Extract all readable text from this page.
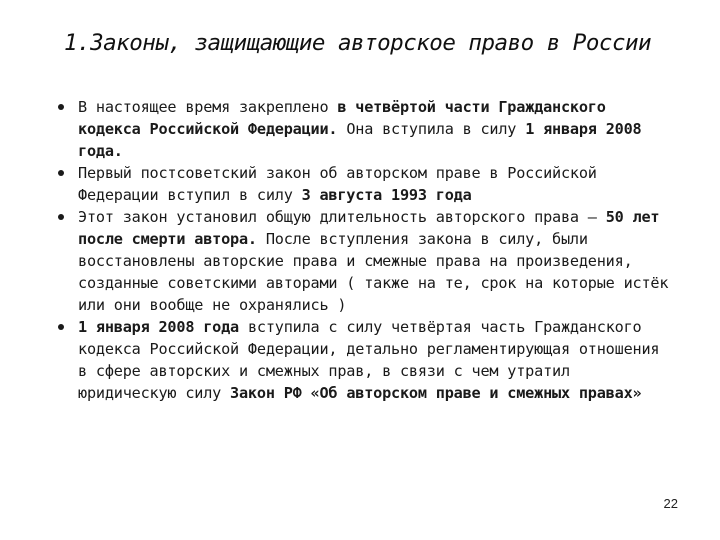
1.Законы, защищающие авторское право в России
В настоящее время закреплено в четвёртой части Гражданского кодекса Российской Федерации. Она вступила в силу 1 января 2008 года.
Первый постсоветский закон об авторском праве в Российской Федерации вступил в силу 3 августа 1993 года
Этот закон установил общую длительность авторского права – 50 лет после смерти автора. После вступления закона в силу, были восстановлены авторские права и смежные права на произведения, созданные советскими авторами ( также на те, срок на которые истёк или они вообще не охранялись )
1 января 2008 года вступила с силу четвёртая часть Гражданского кодекса Российской Федерации, детально регламентирующая отношения в сфере авторских и смежных прав, в связи с чем утратил юридическую силу Закон РФ «Об авторском праве и смежных правах»
22
